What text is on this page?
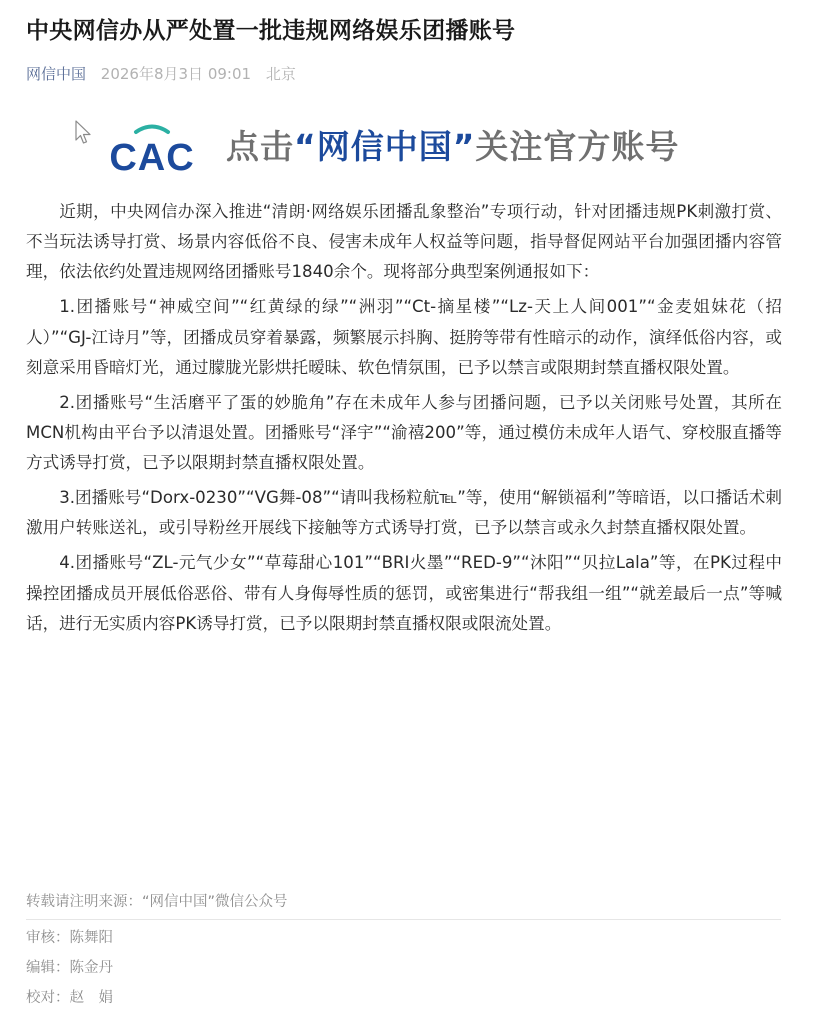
中央网信办从严处置一批违规网络娱乐团播账号
网信中国 2026年8月3日 09:01 北京
CAC 点击“网信中国”关注官方账号

近期，中央网信办深入推进“清朗·网络娱乐团播乱象整治”专项行动，针对团播违规PK刺激打赏、不当玩法诱导打赏、场景内容低俗不良、侵害未成年人权益等问题，指导督促网站平台加强团播内容管理，依法依约处置违规网络团播账号1840余个。现将部分典型案例通报如下：

1.团播账号“神威空间”“红黄绿的绿”“洲羽”“Ct-摘星楼”“Lz-天上人间001”“金麦姐妹花（招人）”“GJ-江诗月”等，团播成员穿着暴露，频繁展示抖胸、挺胯等带有性暗示的动作，演绎低俗内容，或刻意采用昏暗灯光，通过朦胧光影烘托暧昧、软色情氛围，已予以禁言或限期封禁直播权限处置。

2.团播账号“生活磨平了蛋的妙脆角”存在未成年人参与团播问题，已予以关闭账号处置，其所在MCN机构由平台予以清退处置。团播账号“泽宇”“渝禧200”等，通过模仿未成年人语气、穿校服直播等方式诱导打赏，已予以限期封禁直播权限处置。

3.团播账号“Dorx-0230”“VG舞-08”“请叫我杨粒航℡”等，使用“解锁福利”等暗语，以口播话术刺激用户转账送礼，或引导粉丝开展线下接触等方式诱导打赏，已予以禁言或永久封禁直播权限处置。

4.团播账号“ZL-元气少女”“草莓甜心101”“BRI火墨”“RED-9”“沐阳”“贝拉Lala”等，在PK过程中操控团播成员开展低俗恶俗、带有人身侮辱性质的惩罚，或密集进行“帮我组一组”“就差最后一点”等喊话，进行无实质内容PK诱导打赏，已予以限期封禁直播权限或限流处置。

转载请注明来源：“网信中国”微信公众号
审核：陈舞阳
编辑：陈金丹
校对：赵　娟
